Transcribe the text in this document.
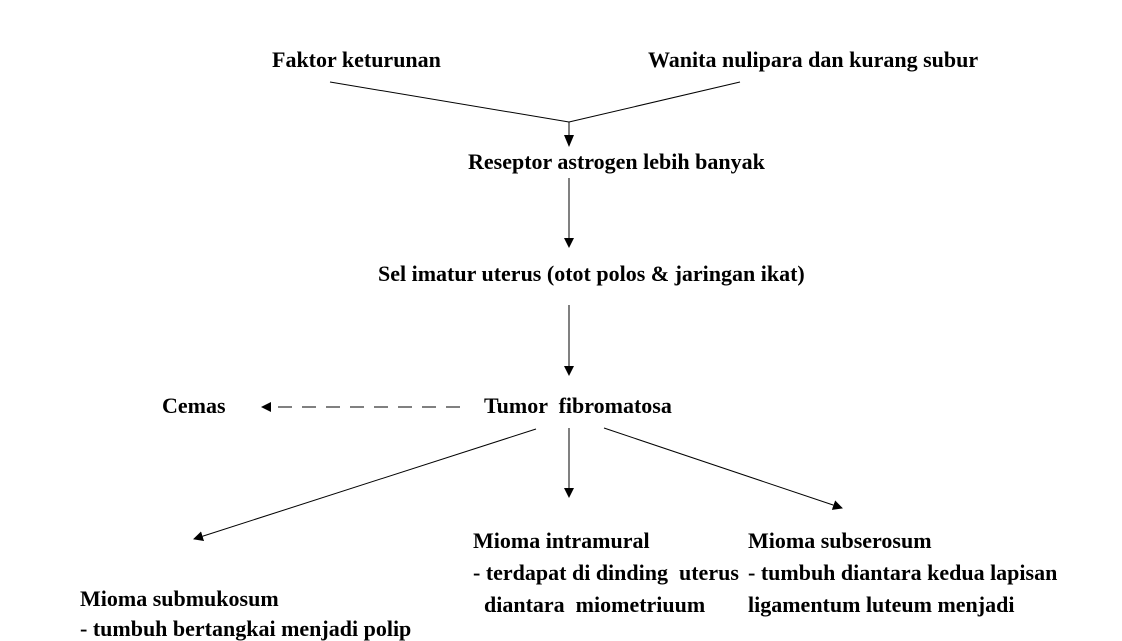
Faktor keturunan	Wanita nulipara dan kurang subur
Reseptor astrogen lebih banyak
Sel imatur uterus (otot polos & jaringan ikat)
Cemas	Tumor  fibromatosa
Mioma intramural
- terdapat di dinding  uterus
diantara  miometriuum
Mioma subserosum
- tumbuh diantara kedua lapisan
ligamentum luteum menjadi
Mioma submukosum
- tumbuh bertangkai menjadi polip
